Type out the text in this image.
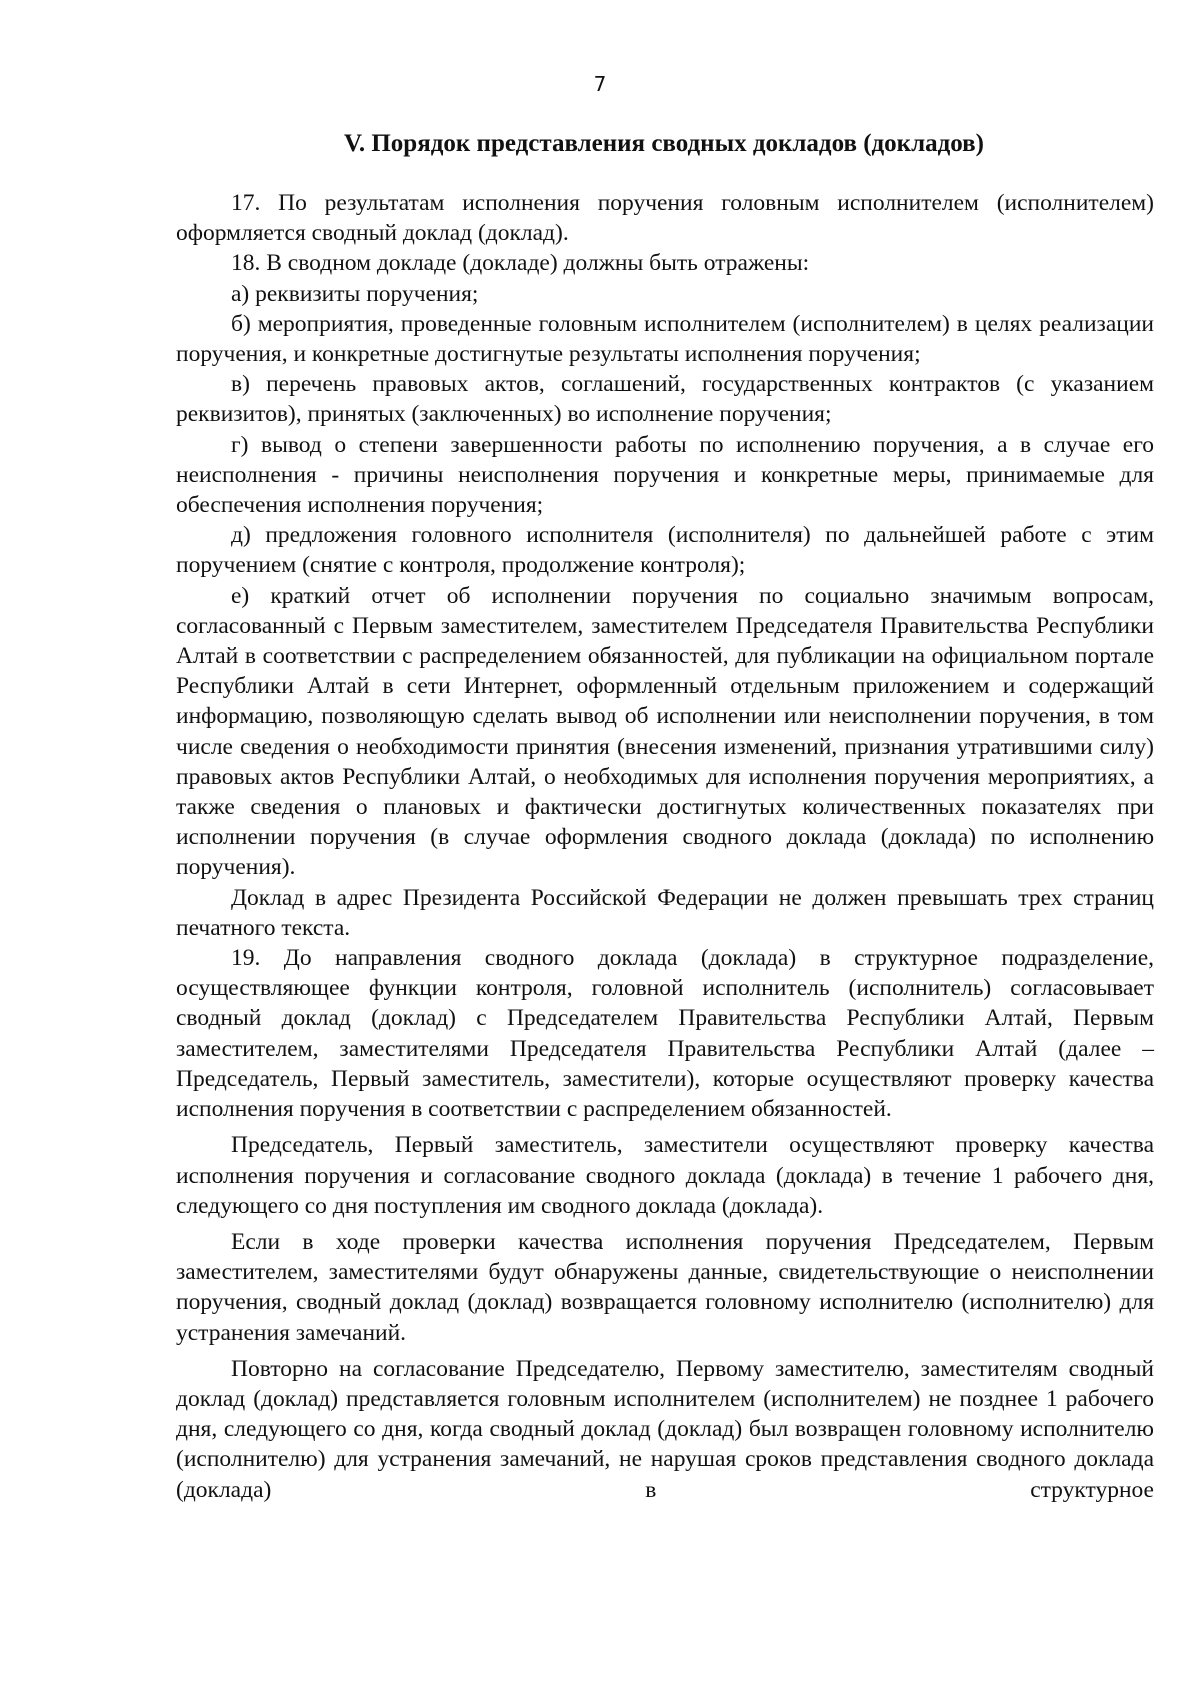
7
V. Порядок представления сводных докладов (докладов)

17. По результатам исполнения поручения головным исполнителем (исполнителем) оформляется сводный доклад (доклад).

18. В сводном докладе (докладе) должны быть отражены:

а) реквизиты поручения;

б) мероприятия, проведенные головным исполнителем (исполнителем) в целях реализации поручения, и конкретные достигнутые результаты исполнения поручения;

в) перечень правовых актов, соглашений, государственных контрактов (с указанием реквизитов), принятых (заключенных) во исполнение поручения;

г) вывод о степени завершенности работы по исполнению поручения, а в случае его неисполнения - причины неисполнения поручения и конкретные меры, принимаемые для обеспечения исполнения поручения;

д) предложения головного исполнителя (исполнителя) по дальнейшей работе с этим поручением (снятие с контроля, продолжение контроля);

е) краткий отчет об исполнении поручения по социально значимым вопросам, согласованный с Первым заместителем, заместителем Председателя Правительства Республики Алтай в соответствии с распределением обязанностей, для публикации на официальном портале Республики Алтай в сети Интернет, оформленный отдельным приложением и содержащий информацию, позволяющую сделать вывод об исполнении или неисполнении поручения, в том числе сведения о необходимости принятия (внесения изменений, признания утратившими силу) правовых актов Республики Алтай, о необходимых для исполнения поручения мероприятиях, а также сведения о плановых и фактически достигнутых количественных показателях при исполнении поручения (в случае оформления сводного доклада (доклада) по исполнению поручения).

Доклад в адрес Президента Российской Федерации не должен превышать трех страниц печатного текста.

19. До направления сводного доклада (доклада) в структурное подразделение, осуществляющее функции контроля, головной исполнитель (исполнитель) согласовывает сводный доклад (доклад) с Председателем Правительства Республики Алтай, Первым заместителем, заместителями Председателя Правительства Республики Алтай (далее – Председатель, Первый заместитель, заместители), которые осуществляют проверку качества исполнения поручения в соответствии с распределением обязанностей.

Председатель, Первый заместитель, заместители осуществляют проверку качества исполнения поручения и согласование сводного доклада (доклада) в течение 1 рабочего дня, следующего со дня поступления им сводного доклада (доклада).

Если в ходе проверки качества исполнения поручения Председателем, Первым заместителем, заместителями будут обнаружены данные, свидетельствующие о неисполнении поручения, сводный доклад (доклад) возвращается головному исполнителю (исполнителю) для устранения замечаний.

Повторно на согласование Председателю, Первому заместителю, заместителям сводный доклад (доклад) представляется головным исполнителем (исполнителем) не позднее 1 рабочего дня, следующего со дня, когда сводный доклад (доклад) был возвращен головному исполнителю (исполнителю) для устранения замечаний, не нарушая сроков представления сводного доклада (доклада) в структурное
